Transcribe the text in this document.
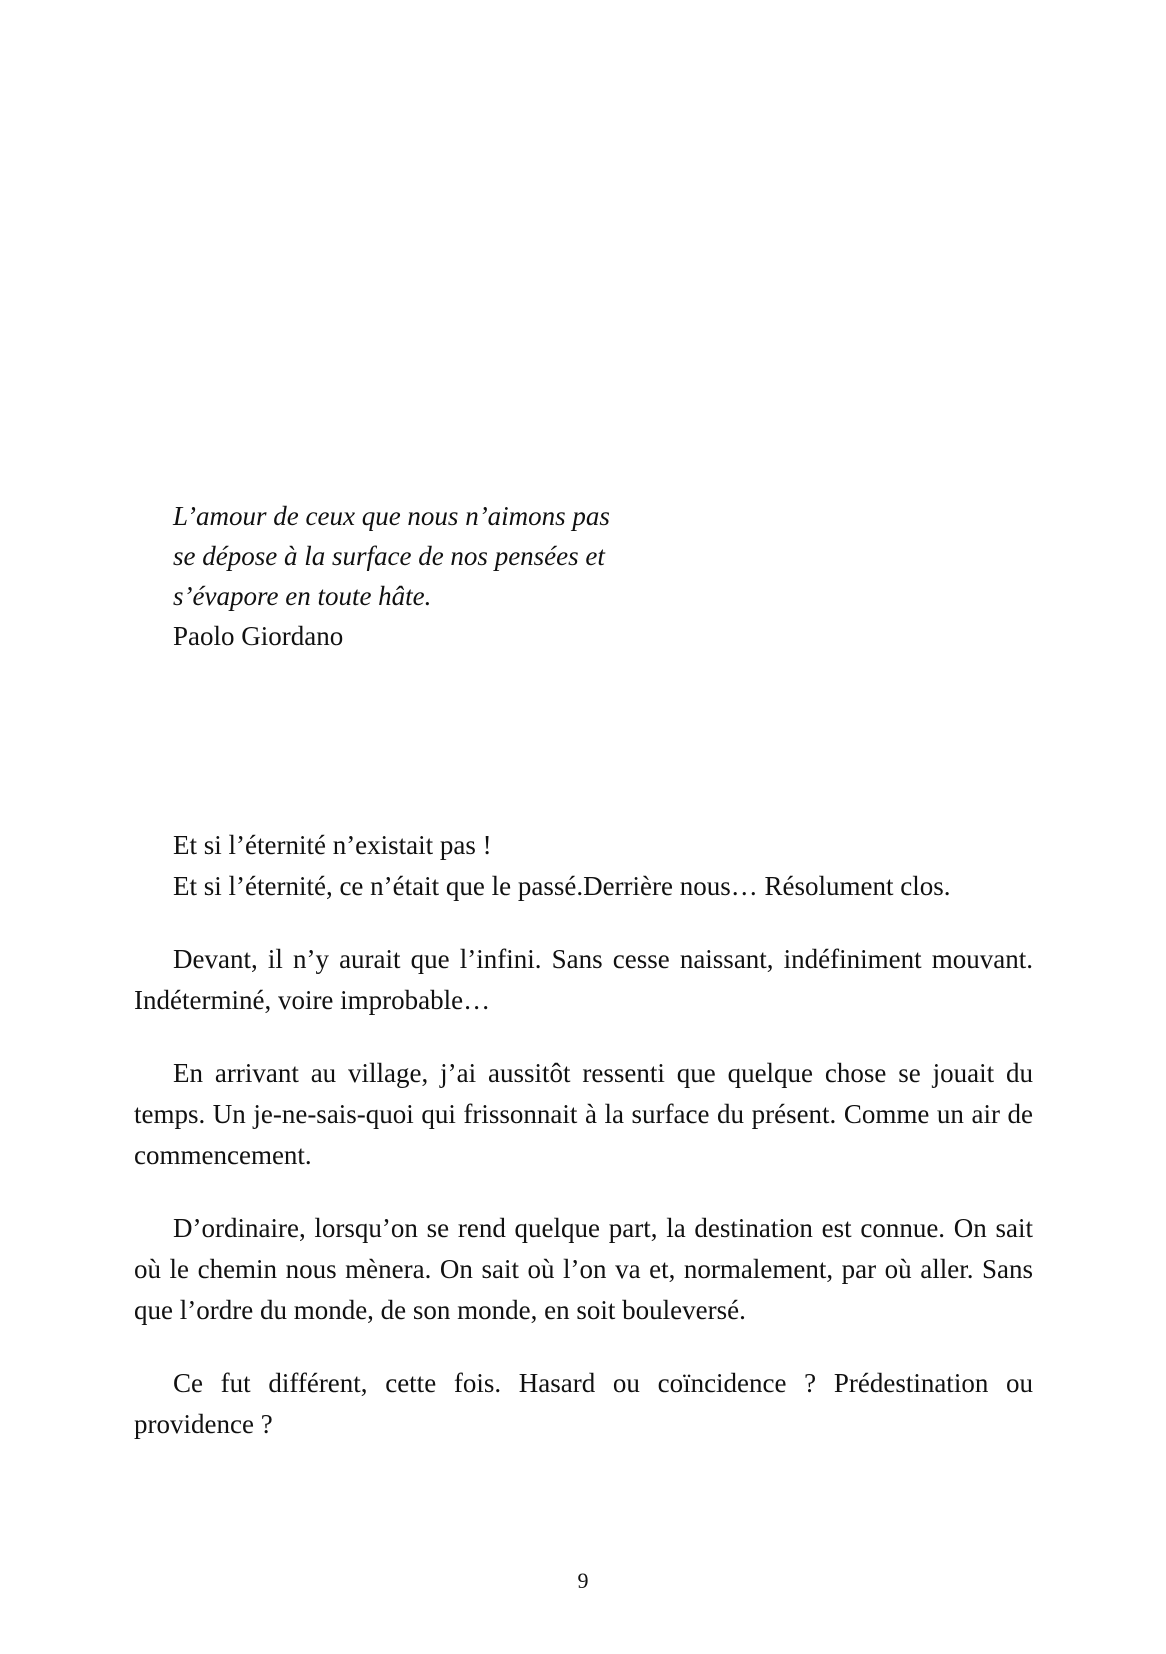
L’amour de ceux que nous n’aimons pas
se dépose à la surface de nos pensées et
s’évapore en toute hâte.
Paolo Giordano

Et si l’éternité n’existait pas !

Et si l’éternité, ce n’était que le passé.Derrière nous… Résolument clos.

Devant, il n’y aurait que l’infini. Sans cesse naissant, indéfiniment mouvant. Indéterminé, voire improbable…

En arrivant au village, j’ai aussitôt ressenti que quelque chose se jouait du temps. Un je-ne-sais-quoi qui frissonnait à la surface du présent. Comme un air de commencement.

D’ordinaire, lorsqu’on se rend quelque part, la destination est connue. On sait où le chemin nous mènera. On sait où l’on va et, normalement, par où aller. Sans que l’ordre du monde, de son monde, en soit bouleversé.

Ce fut différent, cette fois. Hasard ou coïncidence ? Prédestination ou providence ?

9
